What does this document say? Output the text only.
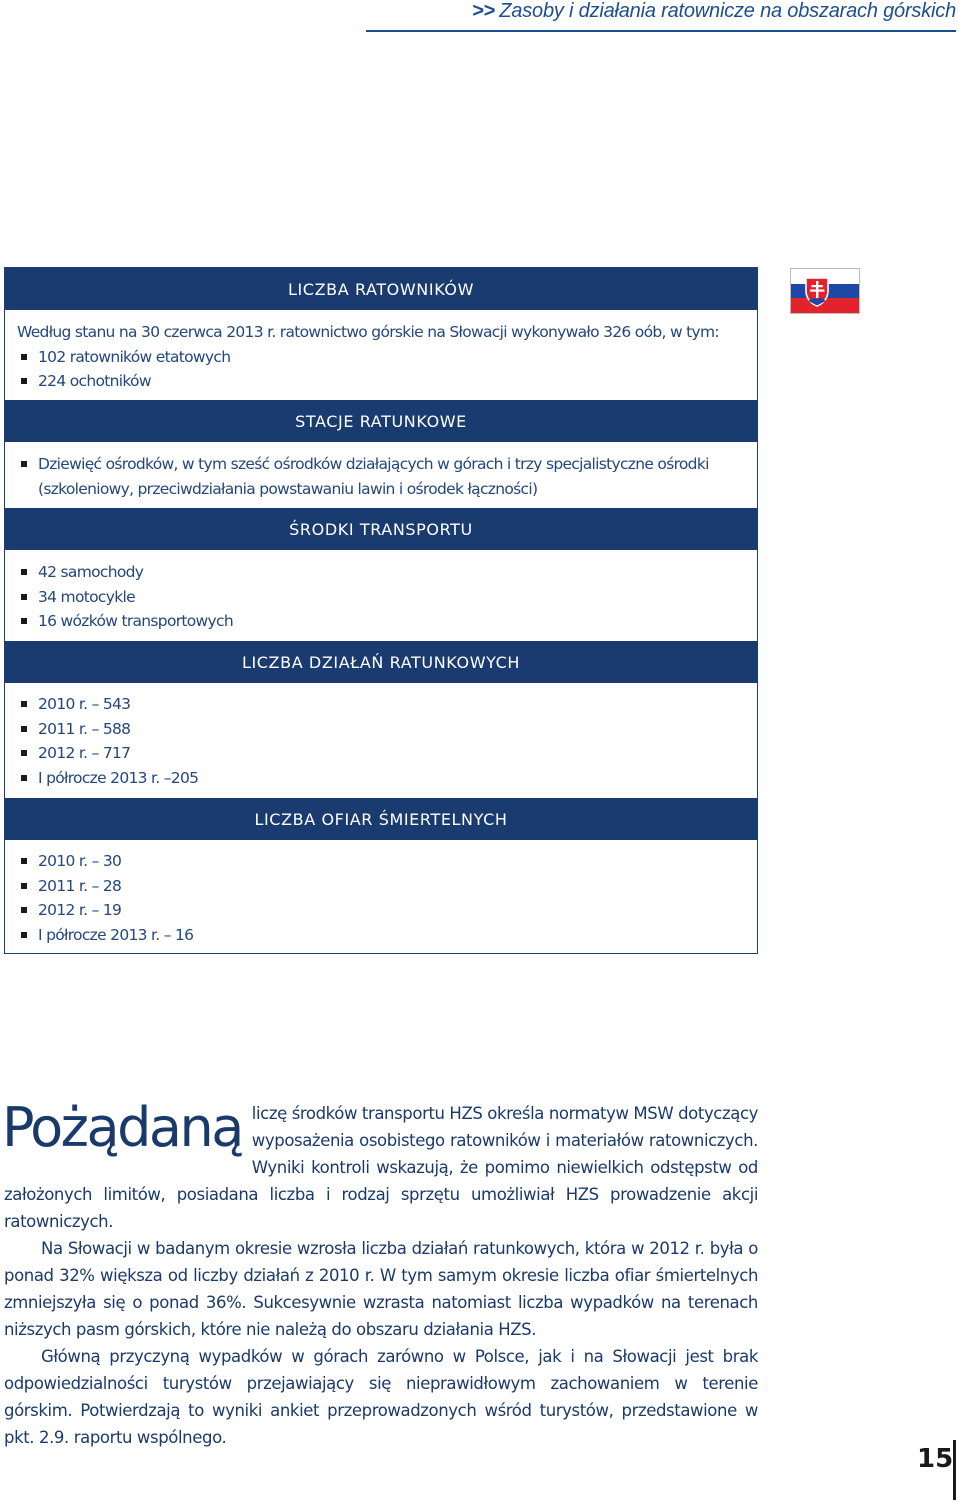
>> Zasoby i działania ratownicze na obszarach górskich
LICZBA RATOWNIKÓW

Według stanu na 30 czerwca 2013 r. ratownictwo górskie na Słowacji wykonywało 326 oób, w tym:

102 ratowników etatowych
224 ochotników
STACJE RATUNKOWE
Dziewięć ośrodków, w tym sześć ośrodków działających w górach i trzy specjalistyczne ośrodki (szkoleniowy, przeciwdziałania powstawaniu lawin i ośrodek łączności)
ŚRODKI TRANSPORTU
42 samochody
34 motocykle
16 wózków transportowych
LICZBA DZIAŁAŃ RATUNKOWYCH
2010 r. – 543
2011 r. – 588
2012 r. – 717
I półrocze 2013 r. –205
LICZBA OFIAR ŚMIERTELNYCH
2010 r. – 30
2011 r. – 28
2012 r. – 19
I półrocze 2013 r. – 16

Pożądaną liczę środków transportu HZS określa normatyw MSW dotyczący wyposażenia osobistego ratowników i materiałów ratowniczych. Wyniki kontroli wskazują, że pomimo niewielkich odstępstw od założonych limitów, posiadana liczba i rodzaj sprzętu umożliwiał HZS prowadzenie akcji ratowniczych.

Na Słowacji w badanym okresie wzrosła liczba działań ratunkowych, która w 2012 r. była o ponad 32% większa od liczby działań z 2010 r. W tym samym okresie liczba ofiar śmiertelnych zmniejszyła się o ponad 36%. Sukcesywnie wzrasta natomiast liczba wypadków na terenach niższych pasm górskich, które nie należą do obszaru działania HZS.

Główną przyczyną wypadków w górach zarówno w Polsce, jak i na Słowacji jest brak odpowiedzialności turystów przejawiający się nieprawidłowym zachowaniem w terenie górskim. Potwierdzają to wyniki ankiet przeprowadzonych wśród turystów, przedstawione w pkt. 2.9. raportu wspólnego.

15
